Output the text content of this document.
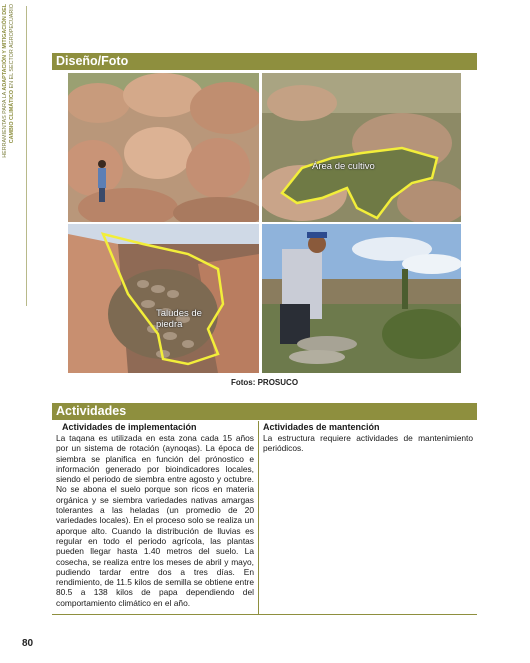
HERRAMIENTAS PARA LA ADAPTACIÓN Y MITIGACIÓN DEL
CAMBIO CLIMÁTICO EN EL SECTOR AGROPECUARIO	Diseño/Foto
Área de cultivo
Taludes de piedra
Fotos: PROSUCO
Actividades
Actividades de implementación
La taqana es utilizada en esta zona cada 15 años por un sistema de rotación (aynoqas). La época de siembra se planifica en función del prónostico e información generado por bioindicadores locales, siendo el periodo de siembra entre agosto y octubre. No se abona el suelo porque son ricos en materia orgánica y se siembra variedades nativas amargas tolerantes a las heladas (un promedio de 20 variedades locales). En el proceso solo se realiza un aporque alto. Cuando la distribución de lluvias es regular en todo el periodo agrícola, las plantas pueden llegar hasta 1.40 metros del suelo. La cosecha, se realiza entre los meses de abril y mayo, pudiendo tardar entre dos a tres días. En rendimiento, de 11.5 kilos de semilla se obtiene entre 80.5 a 138 kilos de papa dependiendo del comportamiento climático en el año.
Actividades de mantención
La estructura requiere actividades de mantenimiento periódicos.
80
